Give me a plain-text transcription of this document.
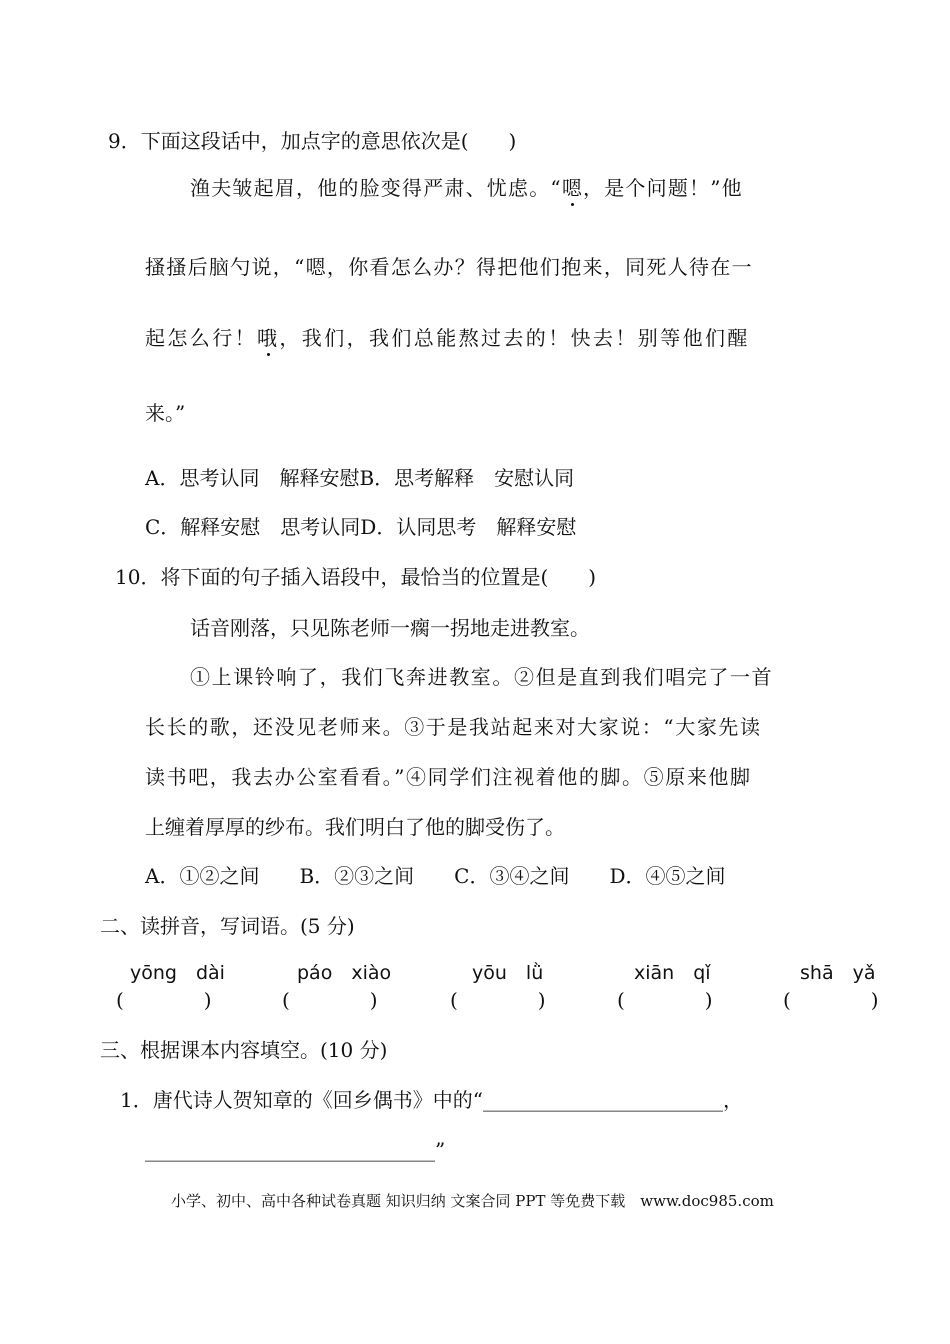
9．下面这段话中，加点字的意思依次是(　　)
渔夫皱起眉，他的脸变得严肃、忧虑。“嗯，是个问题！”他
搔搔后脑勺说，“嗯，你看怎么办？得把他们抱来，同死人待在一
起怎么行！哦，我们，我们总能熬过去的！快去！别等他们醒
来。”
A．思考认同　解释安慰B．思考解释　安慰认同
C．解释安慰　思考认同D．认同思考　解释安慰
10．将下面的句子插入语段中，最恰当的位置是(　　)
话音刚落，只见陈老师一瘸一拐地走进教室。
①上课铃响了，我们飞奔进教室。②但是直到我们唱完了一首
长长的歌，还没见老师来。③于是我站起来对大家说：“大家先读
读书吧，我去办公室看看。”④同学们注视着他的脚。⑤原来他脚
上缠着厚厚的纱布。我们明白了他的脚受伤了。
A．①②之间　　B．②③之间　　C．③④之间　　D．④⑤之间
二、读拼音，写词语。(5 分)
yōng　dài	páo　xiào	yōu　lǜ	xiān　qǐ	shā　yǎ
(    )	(    )	(    )	(    )	(    )
三、根据课本内容填空。(10 分)
1．唐代诗人贺知章的《回乡偶书》中的“________________________，
_____________________________”
小学、初中、高中各种试卷真题 知识归纳 文案合同 PPT 等免费下载　www.doc985.com
